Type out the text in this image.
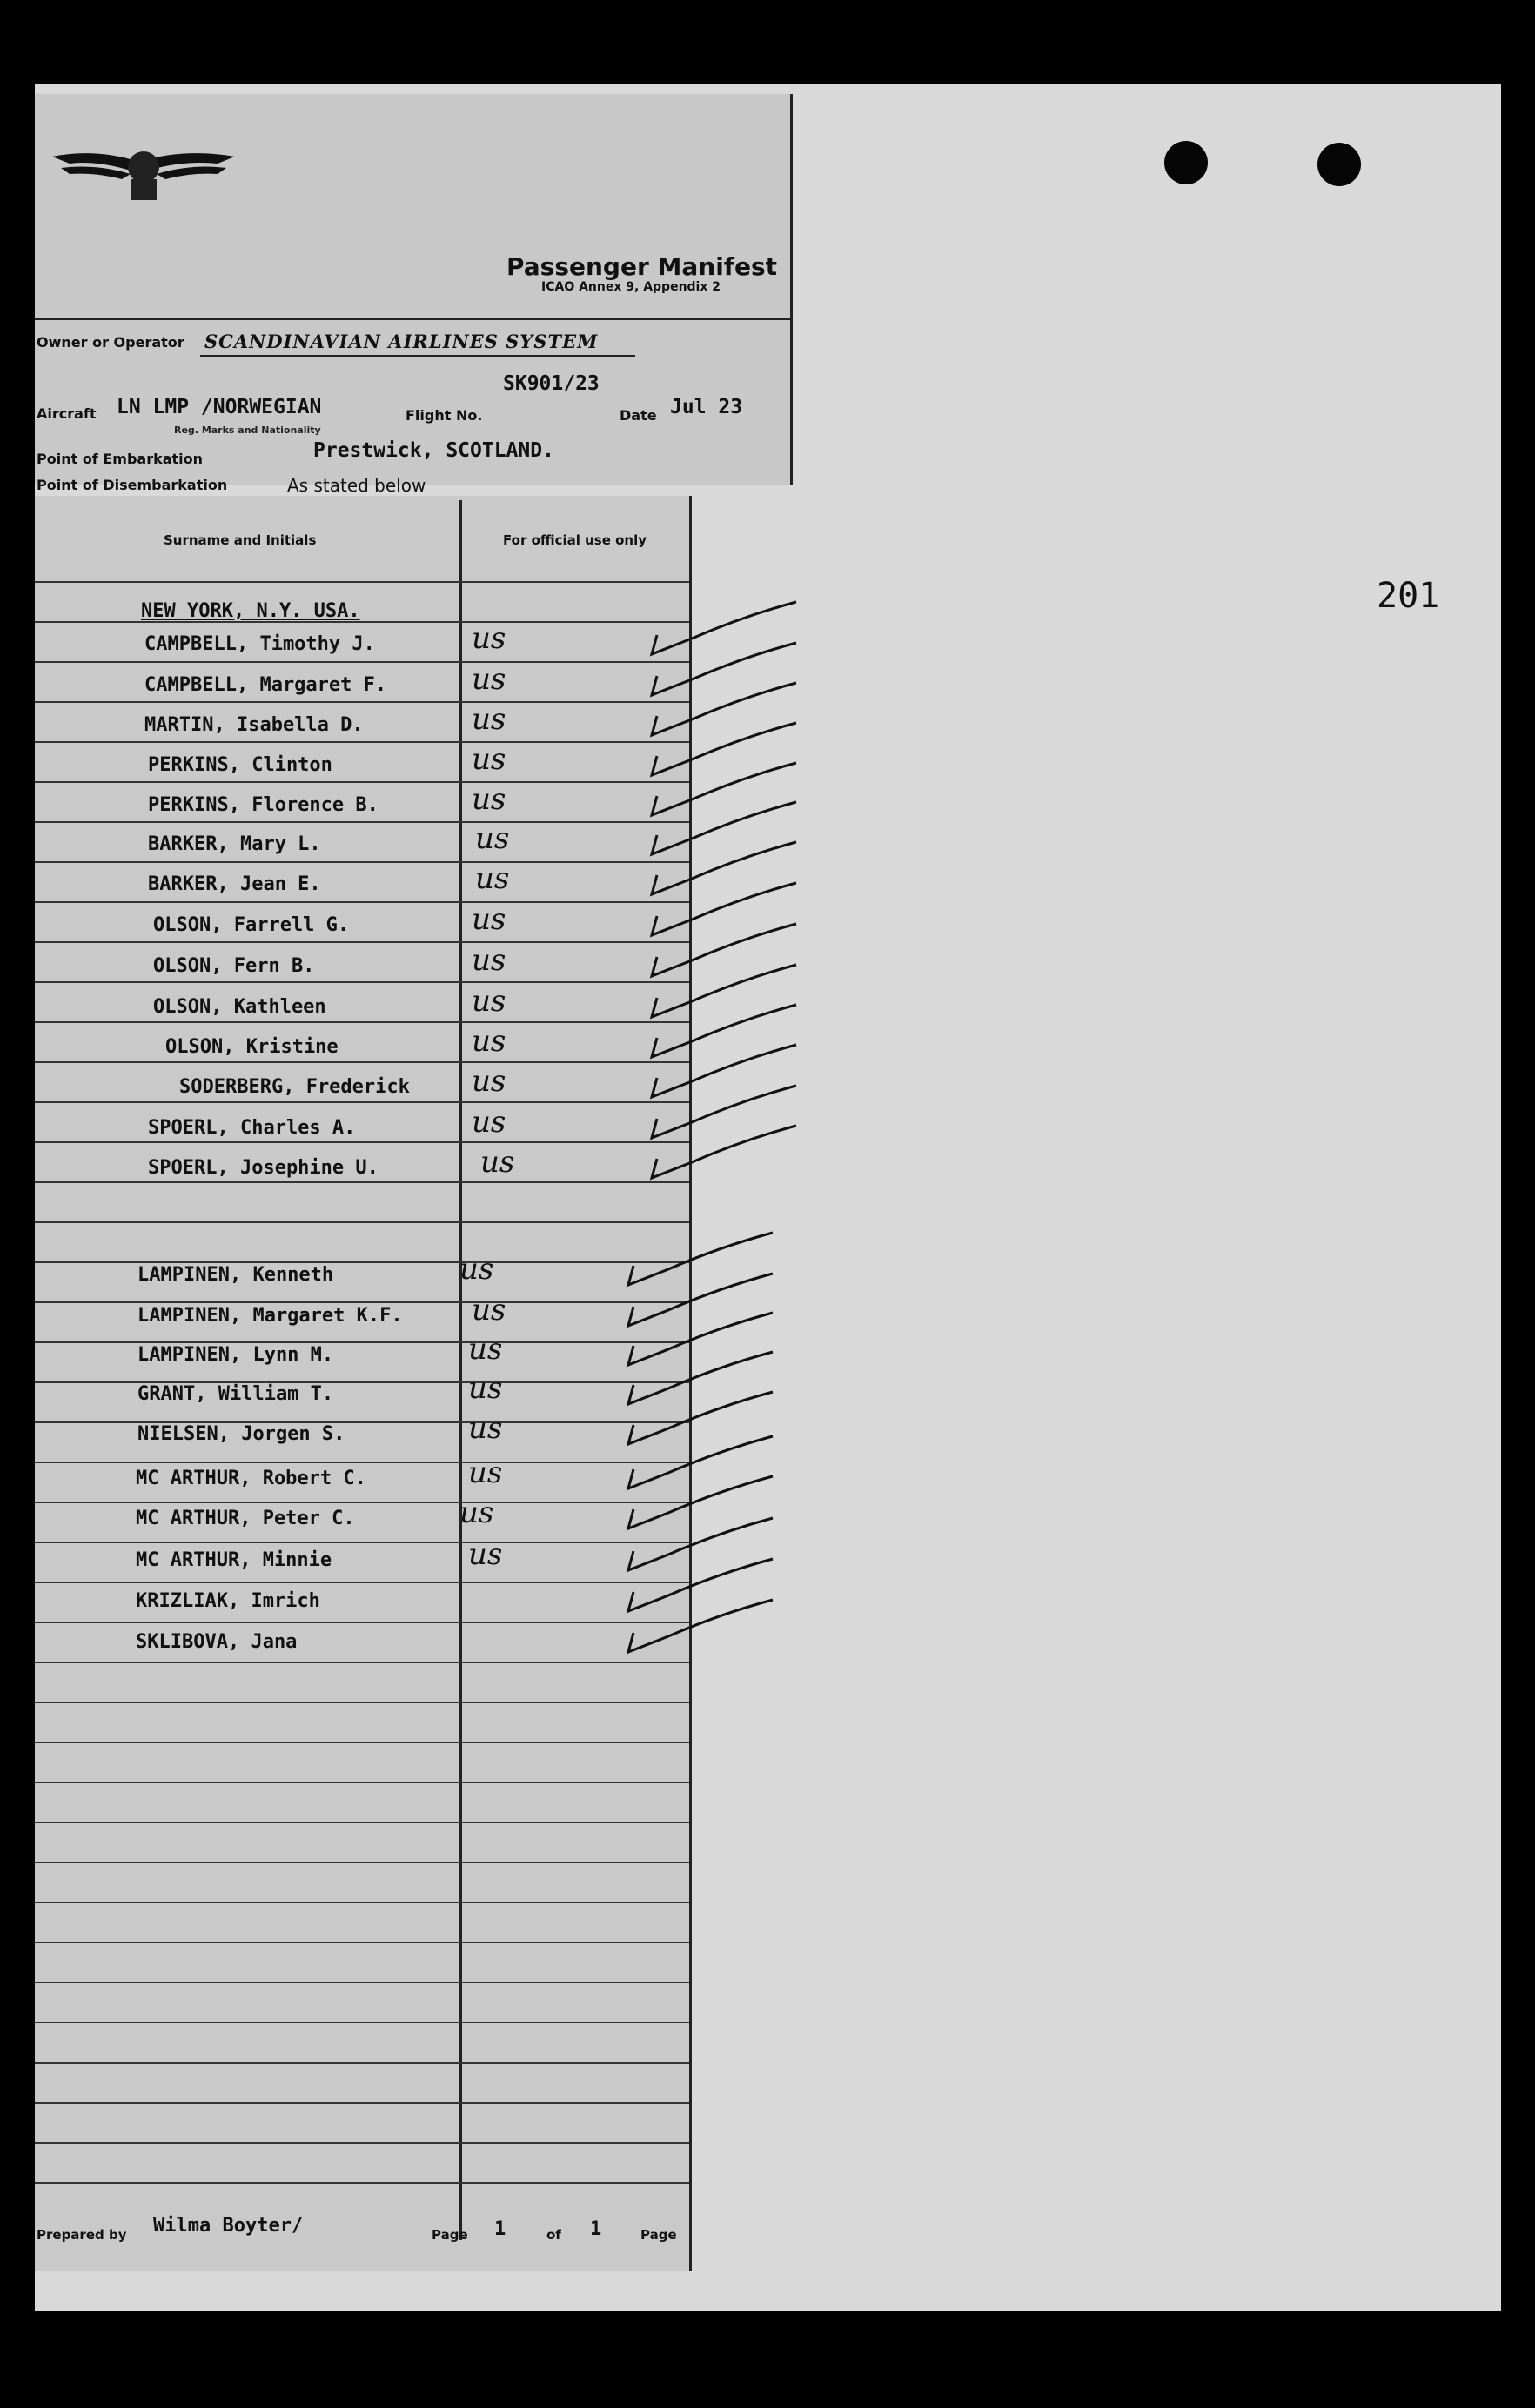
Passenger Manifest
ICAO Annex 9, Appendix 2
Owner or Operator SCANDINAVIAN AIRLINES SYSTEM
SK901/23
Aircraft LN LMP /NORWEGIAN	Flight No.	Date Jul 23
Reg. Marks and Nationality
Point of Embarkation	Prestwick, SCOTLAND.
Point of Disembarkation	As stated below
Surname and Initials	For official use only
NEW YORK, N.Y. USA.	201
CAMPBELL, Timothy J.	us
CAMPBELL, Margaret F.	us
MARTIN, Isabella D.	us
PERKINS, Clinton	us
PERKINS, Florence B.	us
BARKER, Mary L.	us
BARKER, Jean E.	us
OLSON, Farrell G.	us
OLSON, Fern B.	us
OLSON, Kathleen	us
OLSON, Kristine	us
SODERBERG, Frederick us
SPOERL, Charles A.	us
SPOERL, Josephine U.	us
LAMPINEN, Kenneth	us
LAMPINEN, Margaret K.F. us
LAMPINEN, Lynn M.	us
GRANT, William T.	us
NIELSEN, Jorgen S.	us
MC ARTHUR, Robert C.	us
MC ARTHUR, Peter C.	us
MC ARTHUR, Minnie	us
KRIZLIAK, Imrich
SKLIBOVA, Jana
Prepared by Wilma Boyter/	Page 1	of 1	Page
